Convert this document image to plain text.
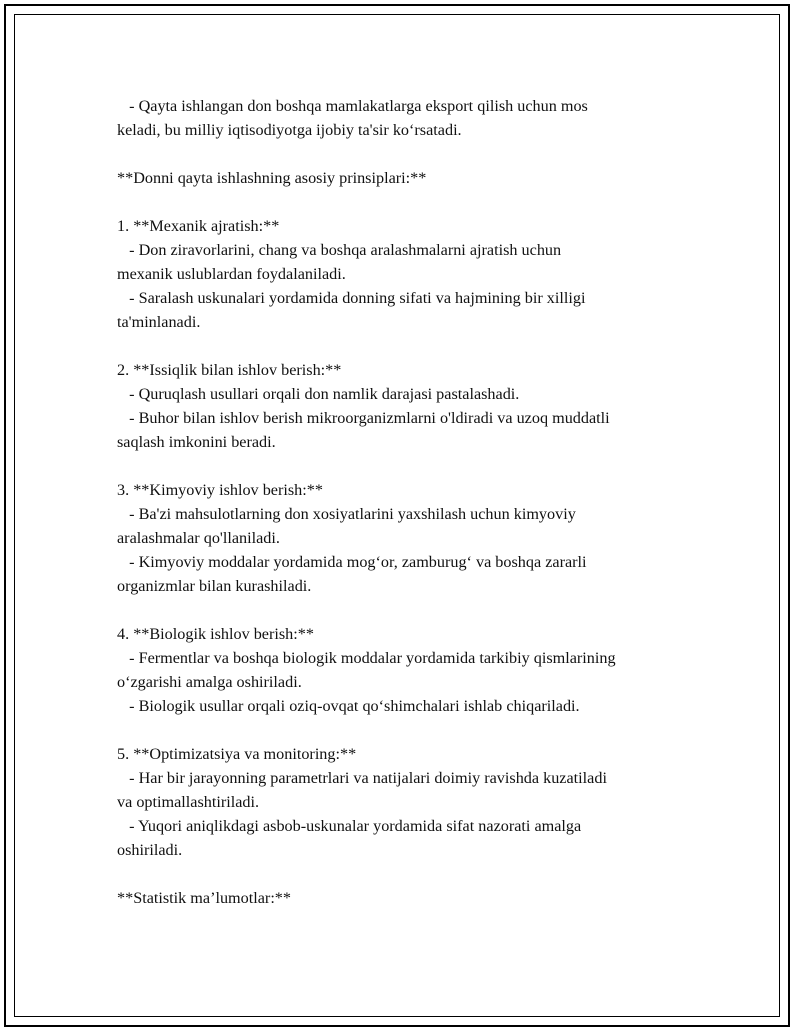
- Qayta ishlangan don boshqa mamlakatlarga eksport qilish uchun mos
keladi, bu milliy iqtisodiyotga ijobiy ta'sir ko‘rsatadi.
**Donni qayta ishlashning asosiy prinsiplari:**
1. **Mexanik ajratish:**
- Don ziravorlarini, chang va boshqa aralashmalarni ajratish uchun
mexanik uslublardan foydalaniladi.
- Saralash uskunalari yordamida donning sifati va hajmining bir xilligi
ta'minlanadi.
2. **Issiqlik bilan ishlov berish:**
- Quruqlash usullari orqali don namlik darajasi pastalashadi.
- Buhor bilan ishlov berish mikroorganizmlarni o'ldiradi va uzoq muddatli
saqlash imkonini beradi.
3. **Kimyoviy ishlov berish:**
- Ba'zi mahsulotlarning don xosiyatlarini yaxshilash uchun kimyoviy
aralashmalar qo'llaniladi.
- Kimyoviy moddalar yordamida mog‘or, zamburug‘ va boshqa zararli
organizmlar bilan kurashiladi.
4. **Biologik ishlov berish:**
- Fermentlar va boshqa biologik moddalar yordamida tarkibiy qismlarining
o‘zgarishi amalga oshiriladi.
- Biologik usullar orqali oziq-ovqat qo‘shimchalari ishlab chiqariladi.
5. **Optimizatsiya va monitoring:**
- Har bir jarayonning parametrlari va natijalari doimiy ravishda kuzatiladi
va optimallashtiriladi.
- Yuqori aniqlikdagi asbob-uskunalar yordamida sifat nazorati amalga
oshiriladi.
**Statistik ma’lumotlar:**
